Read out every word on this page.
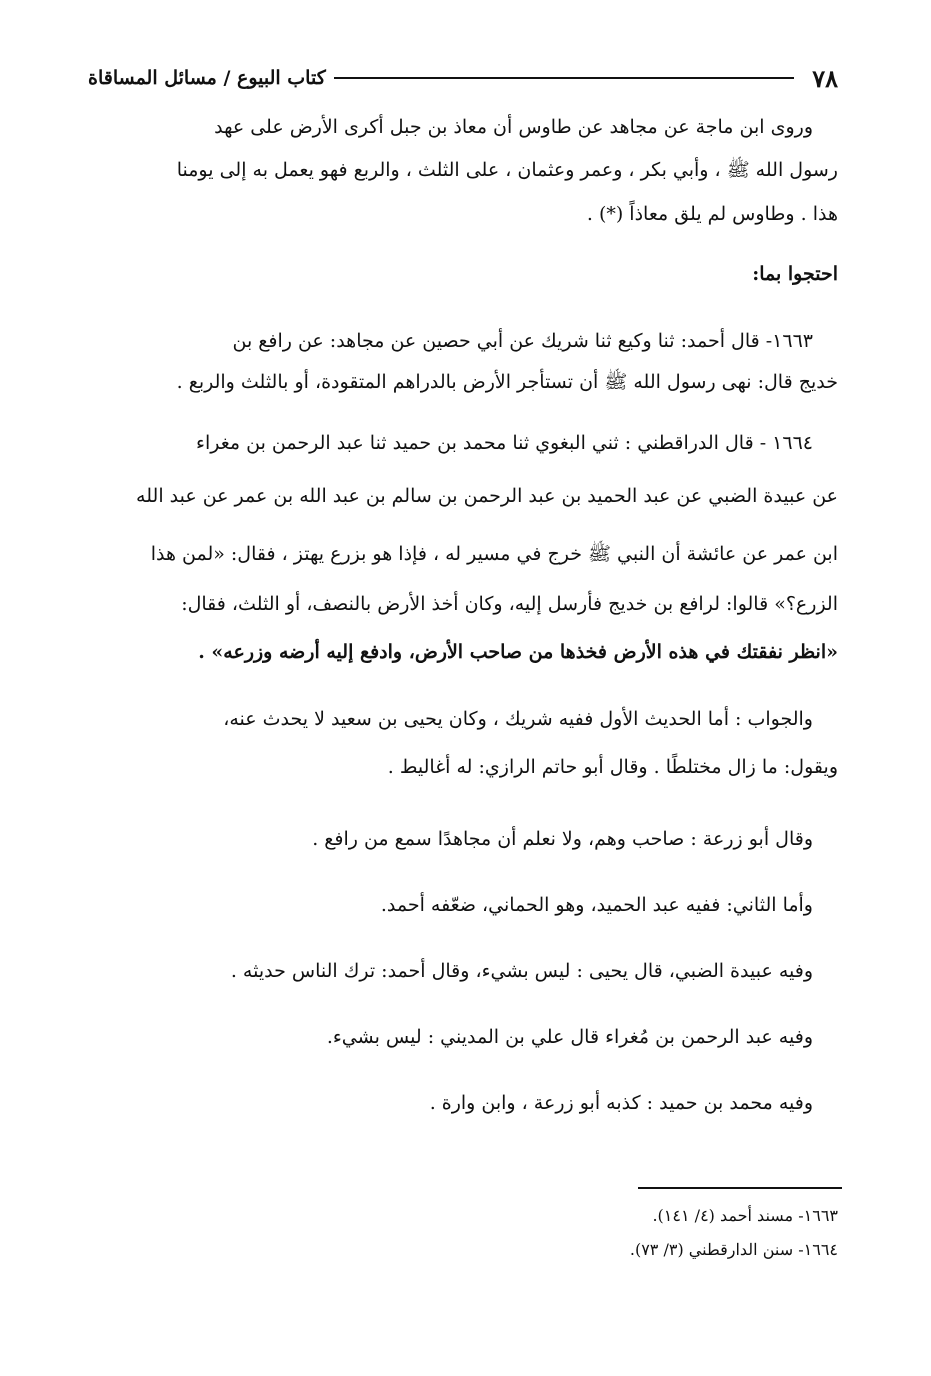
٧٨
كتاب البيوع / مسائل المساقاة
وروى ابن ماجة عن مجاهد عن طاوس أن معاذ بن جبل أكرى الأرض على عهد
رسول الله ﷺ ، وأبي بكر ، وعمر وعثمان ، على الثلث ، والربع فهو يعمل به إلى يومنا
هذا . وطاوس لم يلق معاذاً (*) .
احتجوا بما:
١٦٦٣- قال أحمد: ثنا وكيع ثنا شريك عن أبي حصين عن مجاهد: عن رافع بن
خديج قال: نهى رسول الله ﷺ أن تستأجر الأرض بالدراهم المتقودة، أو بالثلث والربع .
١٦٦٤ - قال الدراقطني : ثني البغوي ثنا محمد بن حميد ثنا عبد الرحمن بن مغراء
عن عبيدة الضبي عن عبد الحميد بن عبد الرحمن بن سالم بن عبد الله بن عمر عن عبد الله
ابن عمر عن عائشة أن النبي ﷺ خرج في مسير له ، فإذا هو بزرع يهتز ، فقال: «لمن هذا
الزرع؟» قالوا: لرافع بن خديج فأرسل إليه، وكان أخذ الأرض بالنصف، أو الثلث، فقال:
«انظر نفقتك في هذه الأرض فخذها من صاحب الأرض، وادفع إليه أرضه وزرعه» .
والجواب : أما الحديث الأول ففيه شريك ، وكان يحيى بن سعيد لا يحدث عنه،
ويقول: ما زال مختلطًا . وقال أبو حاتم الرازي: له أغاليط .
وقال أبو زرعة : صاحب وهم، ولا نعلم أن مجاهدًا سمع من رافع .
وأما الثاني: ففيه عبد الحميد، وهو الحماني، ضعّفه أحمد.
وفيه عبيدة الضبي، قال يحيى : ليس بشيء، وقال أحمد: ترك الناس حديثه .
وفيه عبد الرحمن بن مُغراء قال علي بن المديني : ليس بشيء.
وفيه محمد بن حميد : كذبه أبو زرعة ، وابن وارة .
١٦٦٣- مسند أحمد (٤/ ١٤١).
١٦٦٤- سنن الدارقطني (٣/ ٧٣).
